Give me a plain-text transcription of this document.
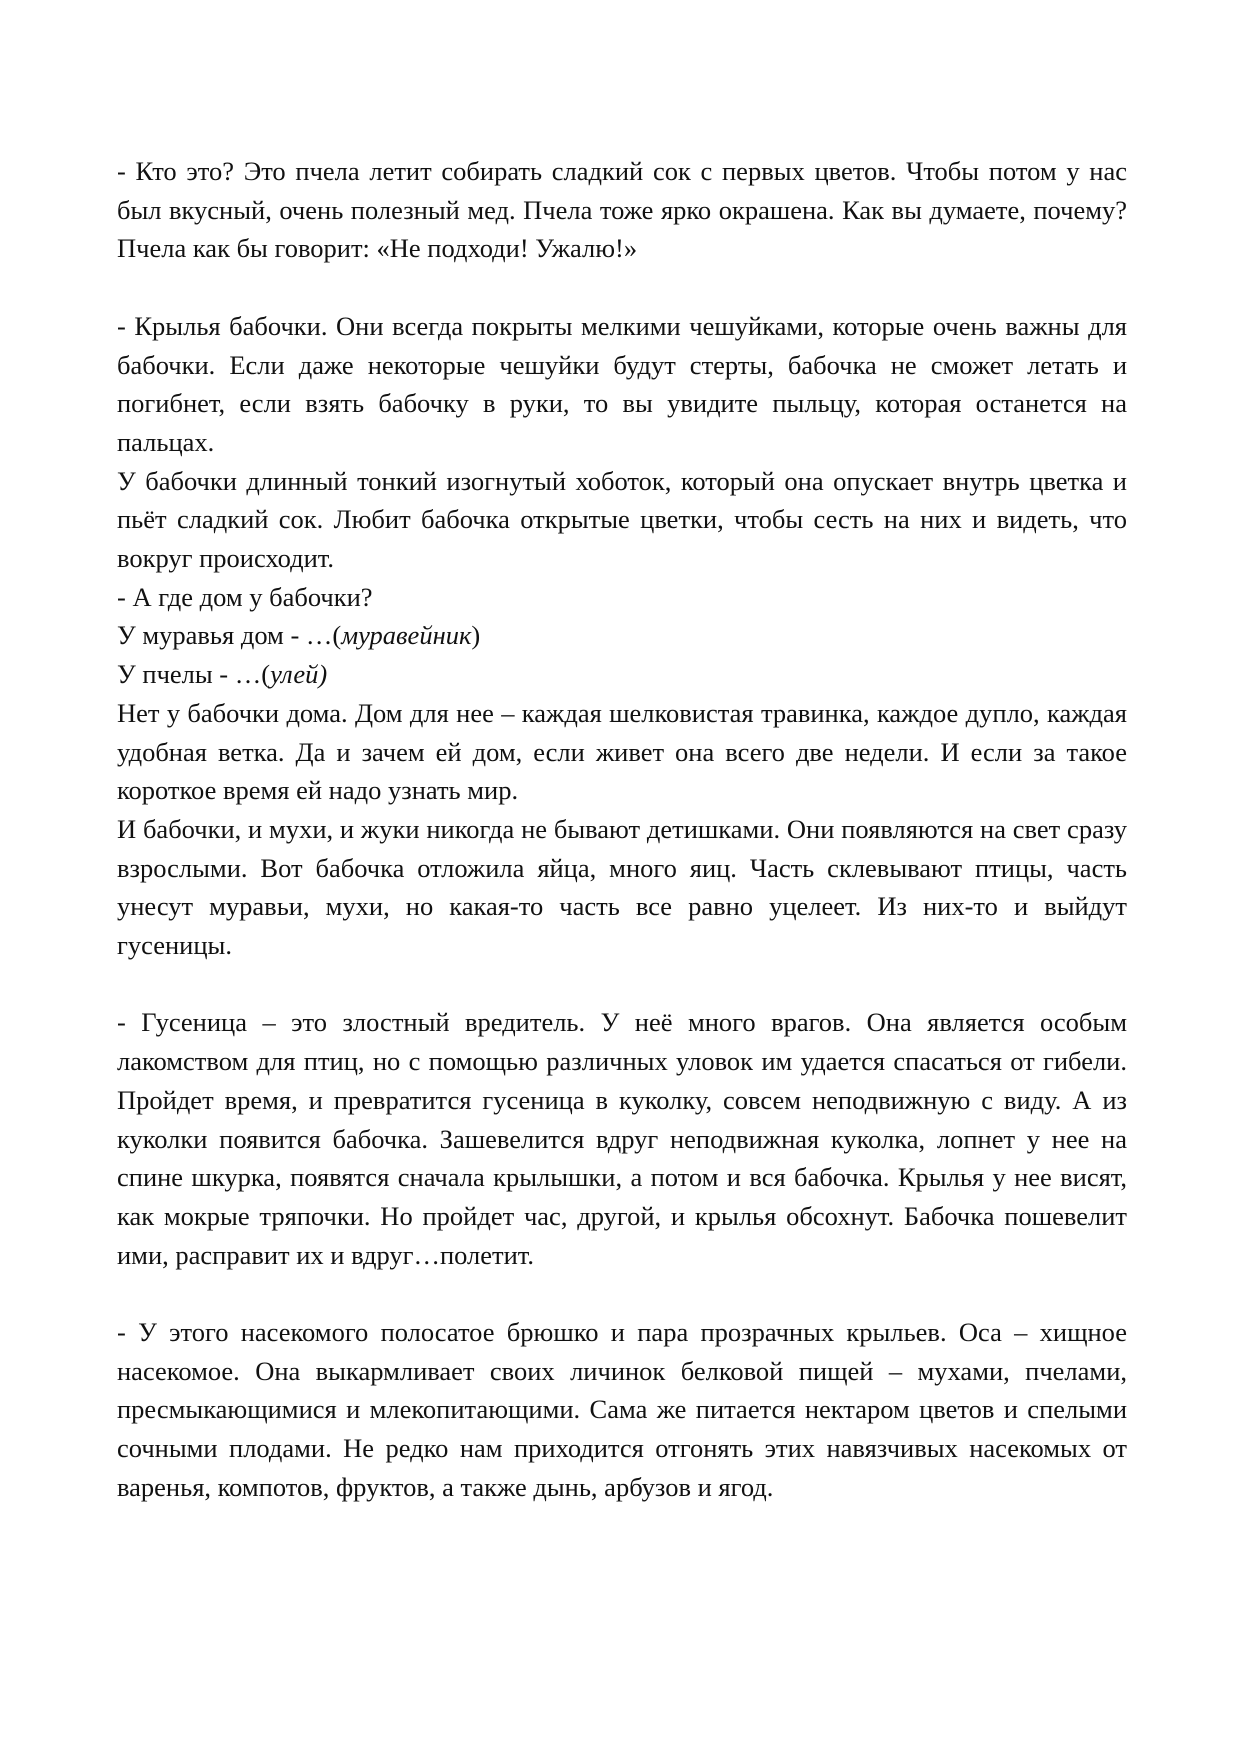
- Кто это? Это пчела летит собирать сладкий сок с первых цветов. Чтобы потом у нас был вкусный, очень полезный мед. Пчела тоже ярко окрашена. Как вы думаете, почему? Пчела как бы говорит: «Не подходи! Ужалю!»

- Крылья бабочки. Они всегда покрыты мелкими чешуйками, которые очень важны для бабочки. Если даже некоторые чешуйки будут стерты, бабочка не сможет летать и погибнет, если взять бабочку в руки, то вы увидите пыльцу, которая останется на пальцах.

У бабочки длинный тонкий изогнутый хоботок, который она опускает внутрь цветка и пьёт сладкий сок. Любит бабочка открытые цветки, чтобы сесть на них и видеть, что вокруг происходит.

- А где дом у бабочки?

У муравья дом - …(муравейник)

У пчелы - …(улей)

Нет у бабочки дома. Дом для нее – каждая шелковистая травинка, каждое дупло, каждая удобная ветка. Да и зачем ей дом, если живет она всего две недели. И если за такое короткое время ей надо узнать мир.

И бабочки, и мухи, и жуки никогда не бывают детишками. Они появляются на свет сразу взрослыми. Вот бабочка отложила яйца, много яиц. Часть склевывают птицы, часть унесут муравьи, мухи, но какая-то часть все равно уцелеет. Из них-то и выйдут гусеницы.

- Гусеница – это злостный вредитель. У неё много врагов. Она является особым лакомством для птиц, но с помощью различных уловок им удается спасаться от гибели. Пройдет время, и превратится гусеница в куколку, совсем неподвижную с виду. А из куколки появится бабочка. Зашевелится вдруг неподвижная куколка, лопнет у нее на спине шкурка, появятся сначала крылышки, а потом и вся бабочка. Крылья у нее висят, как мокрые тряпочки. Но пройдет час, другой, и крылья обсохнут. Бабочка пошевелит ими, расправит их и вдруг…полетит.

- У этого насекомого полосатое брюшко и пара прозрачных крыльев. Оса – хищное насекомое. Она выкармливает своих личинок белковой пищей – мухами, пчелами, пресмыкающимися и млекопитающими. Сама же питается нектаром цветов и спелыми сочными плодами. Не редко нам приходится отгонять этих навязчивых насекомых от варенья, компотов, фруктов, а также дынь, арбузов и ягод.
